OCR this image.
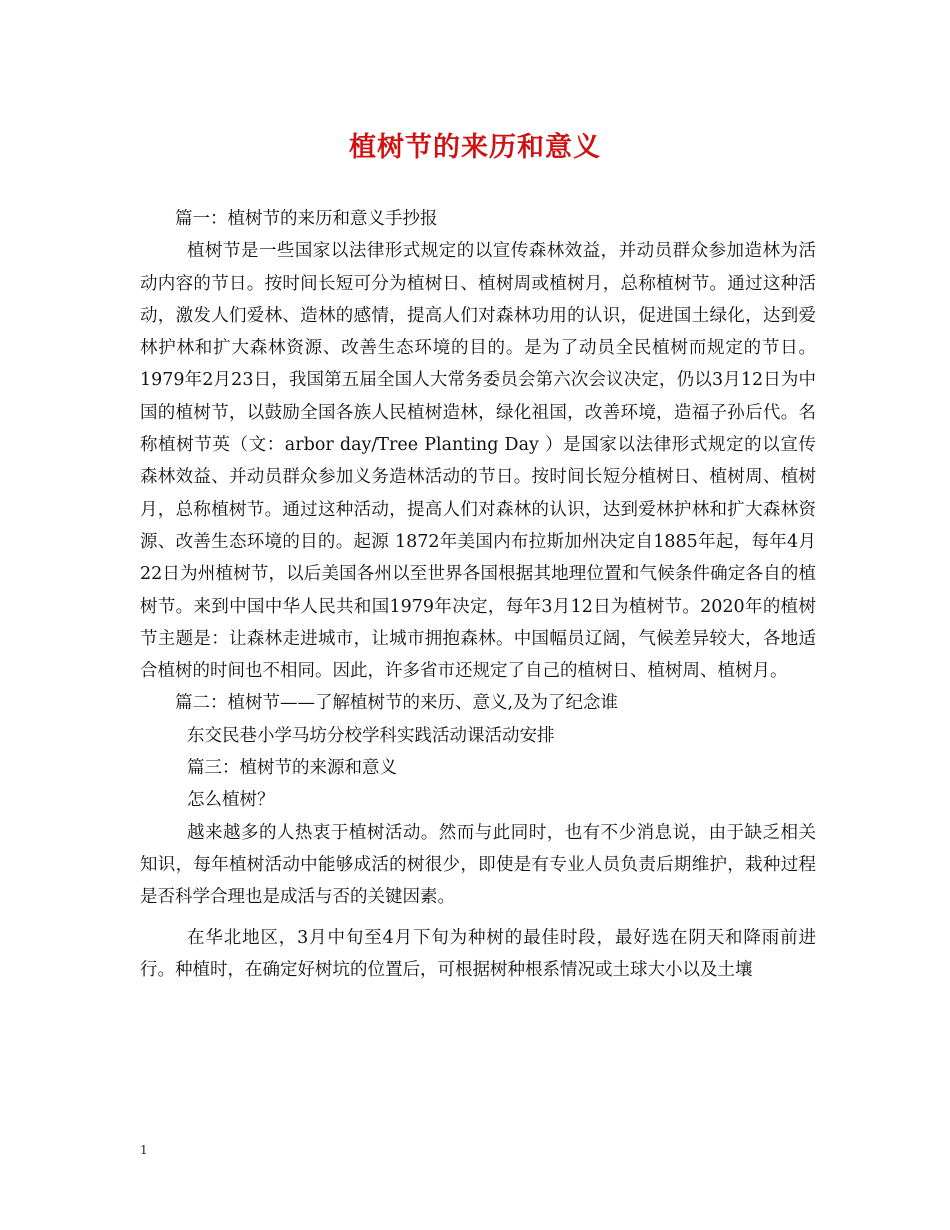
植树节的来历和意义

篇一：植树节的来历和意义手抄报

植树节是一些国家以法律形式规定的以宣传森林效益，并动员群众参加造林为活动内容的节日。按时间长短可分为植树日、植树周或植树月，总称植树节。通过这种活动，激发人们爱林、造林的感情，提高人们对森林功用的认识，促进国土绿化，达到爱林护林和扩大森林资源、改善生态环境的目的。是为了动员全民植树而规定的节日。1979年2月23日，我国第五届全国人大常务委员会第六次会议决定，仍以3月12日为中国的植树节，以鼓励全国各族人民植树造林，绿化祖国，改善环境，造福子孙后代。名称植树节英（文：arbor day/Tree Planting Day ）是国家以法律形式规定的以宣传森林效益、并动员群众参加义务造林活动的节日。按时间长短分植树日、植树周、植树月，总称植树节。通过这种活动，提高人们对森林的认识，达到爱林护林和扩大森林资源、改善生态环境的目的。起源 1872年美国内布拉斯加州决定自1885年起，每年4月22日为州植树节，以后美国各州以至世界各国根据其地理位置和气候条件确定各自的植树节。来到中国中华人民共和国1979年决定，每年3月12日为植树节。2020年的植树节主题是：让森林走进城市，让城市拥抱森林。中国幅员辽阔，气候差异较大，各地适合植树的时间也不相同。因此，许多省市还规定了自己的植树日、植树周、植树月。

篇二：植树节——了解植树节的来历、意义,及为了纪念谁

东交民巷小学马坊分校学科实践活动课活动安排

篇三：植树节的来源和意义

怎么植树？

越来越多的人热衷于植树活动。然而与此同时，也有不少消息说，由于缺乏相关知识，每年植树活动中能够成活的树很少，即使是有专业人员负责后期维护，栽种过程是否科学合理也是成活与否的关键因素。

在华北地区，3月中旬至4月下旬为种树的最佳时段，最好选在阴天和降雨前进行。种植时，在确定好树坑的位置后，可根据树种根系情况或土球大小以及土壤

1
